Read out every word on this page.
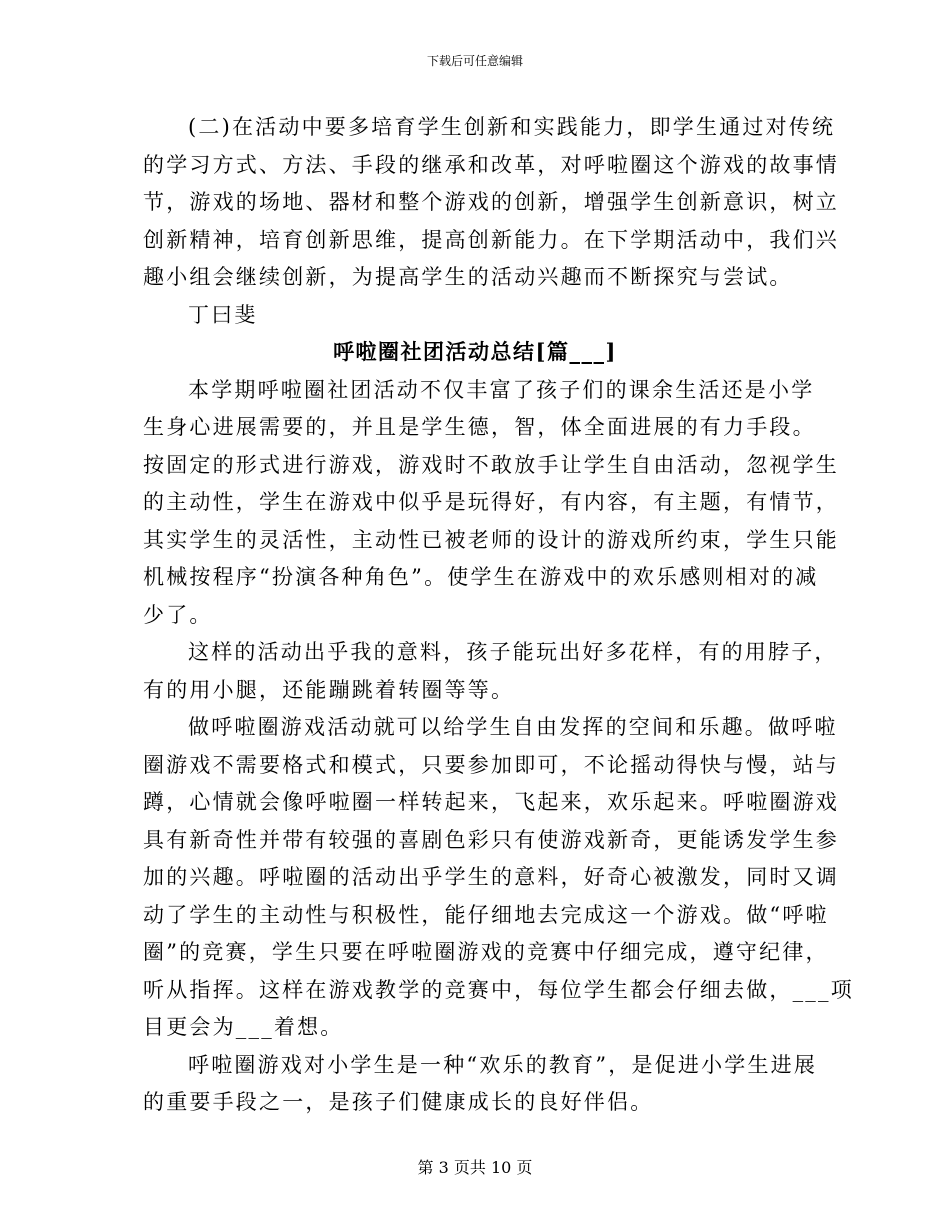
下载后可任意编辑
(二)在活动中要多培育学生创新和实践能力，即学生通过对传统
的学习方式、方法、手段的继承和改革，对呼啦圈这个游戏的故事情
节，游戏的场地、器材和整个游戏的创新，增强学生创新意识，树立
创新精神，培育创新思维，提高创新能力。在下学期活动中，我们兴
趣小组会继续创新，为提高学生的活动兴趣而不断探究与尝试。
丁曰斐
呼啦圈社团活动总结[篇___]
本学期呼啦圈社团活动不仅丰富了孩子们的课余生活还是小学
生身心进展需要的，并且是学生德，智，体全面进展的有力手段。
按固定的形式进行游戏，游戏时不敢放手让学生自由活动，忽视学生
的主动性，学生在游戏中似乎是玩得好，有内容，有主题，有情节，
其实学生的灵活性，主动性已被老师的设计的游戏所约束，学生只能
机械按程序“扮演各种角色”。使学生在游戏中的欢乐感则相对的减
少了。
这样的活动出乎我的意料，孩子能玩出好多花样，有的用脖子，
有的用小腿，还能蹦跳着转圈等等。
做呼啦圈游戏活动就可以给学生自由发挥的空间和乐趣。做呼啦
圈游戏不需要格式和模式，只要参加即可，不论摇动得快与慢，站与
蹲，心情就会像呼啦圈一样转起来，飞起来，欢乐起来。呼啦圈游戏
具有新奇性并带有较强的喜剧色彩只有使游戏新奇，更能诱发学生参
加的兴趣。呼啦圈的活动出乎学生的意料，好奇心被激发，同时又调
动了学生的主动性与积极性，能仔细地去完成这一个游戏。做“呼啦
圈”的竞赛，学生只要在呼啦圈游戏的竞赛中仔细完成，遵守纪律，
听从指挥。这样在游戏教学的竞赛中，每位学生都会仔细去做，___项
目更会为___着想。
呼啦圈游戏对小学生是一种“欢乐的教育”，是促进小学生进展
的重要手段之一，是孩子们健康成长的良好伴侣。
第 3 页共 10 页
